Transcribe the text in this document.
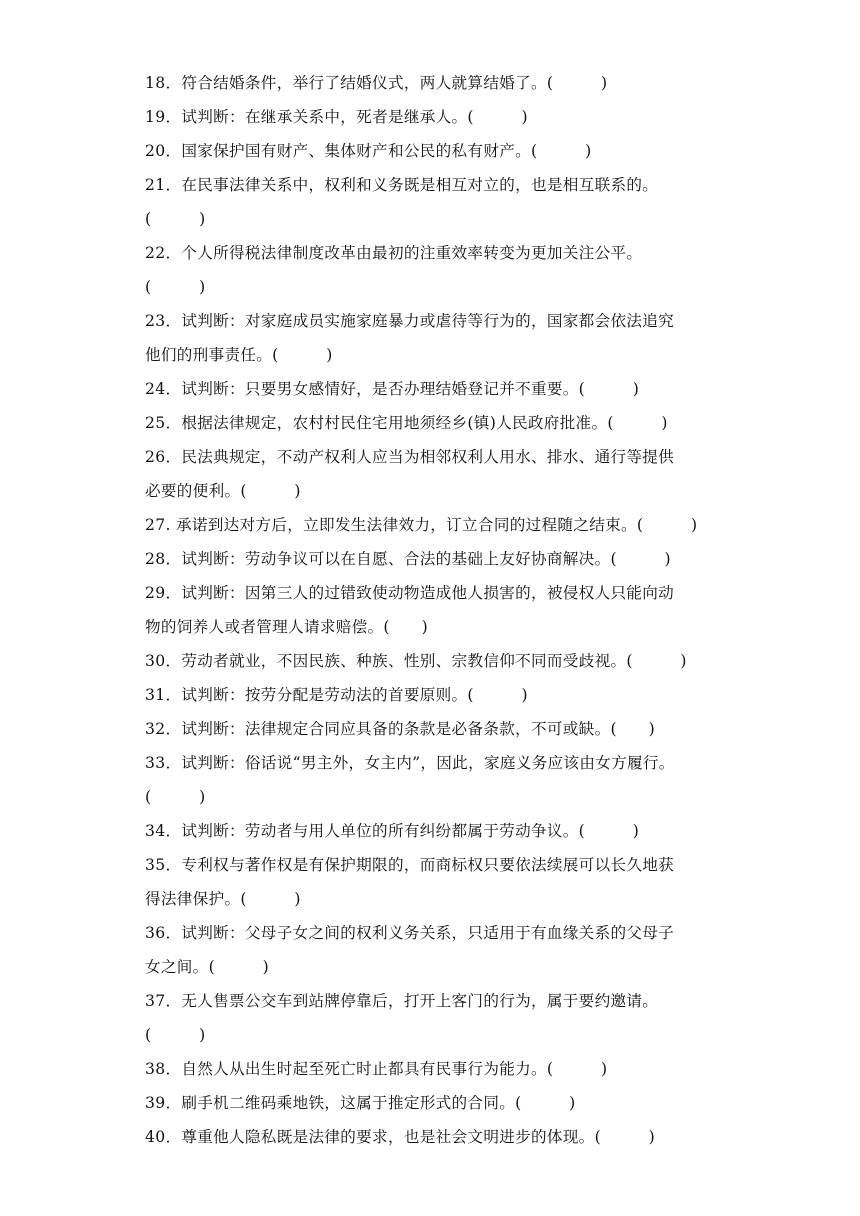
18．符合结婚条件，举行了结婚仪式，两人就算结婚了。(　　　)
19．试判断：在继承关系中，死者是继承人。(　　　)
20．国家保护国有财产、集体财产和公民的私有财产。(　　　)
21．在民事法律关系中，权利和义务既是相互对立的，也是相互联系的。
(　　　)
22．个人所得税法律制度改革由最初的注重效率转变为更加关注公平。
(　　　)
23．试判断：对家庭成员实施家庭暴力或虐待等行为的，国家都会依法追究
他们的刑事责任。(　　　)
24．试判断：只要男女感情好，是否办理结婚登记并不重要。(　　　)
25．根据法律规定，农村村民住宅用地须经乡(镇)人民政府批准。(　　　)
26．民法典规定，不动产权利人应当为相邻权利人用水、排水、通行等提供
必要的便利。(　　　)
27. 承诺到达对方后，立即发生法律效力，订立合同的过程随之结束。(　　　)
28．试判断：劳动争议可以在自愿、合法的基础上友好协商解决。(　　　)
29．试判断：因第三人的过错致使动物造成他人损害的，被侵权人只能向动
物的饲养人或者管理人请求赔偿。(　　)
30．劳动者就业，不因民族、种族、性别、宗教信仰不同而受歧视。(　　　)
31．试判断：按劳分配是劳动法的首要原则。(　　　)
32．试判断：法律规定合同应具备的条款是必备条款，不可或缺。(　　)
33．试判断：俗话说“男主外，女主内”，因此，家庭义务应该由女方履行。
(　　　)
34．试判断：劳动者与用人单位的所有纠纷都属于劳动争议。(　　　)
35．专利权与著作权是有保护期限的，而商标权只要依法续展可以长久地获
得法律保护。(　　　)
36．试判断：父母子女之间的权利义务关系，只适用于有血缘关系的父母子
女之间。(　　　)
37．无人售票公交车到站牌停靠后，打开上客门的行为，属于要约邀请。
(　　　)
38．自然人从出生时起至死亡时止都具有民事行为能力。(　　　)
39．刷手机二维码乘地铁，这属于推定形式的合同。(　　　)
40．尊重他人隐私既是法律的要求，也是社会文明进步的体现。(　　　)
